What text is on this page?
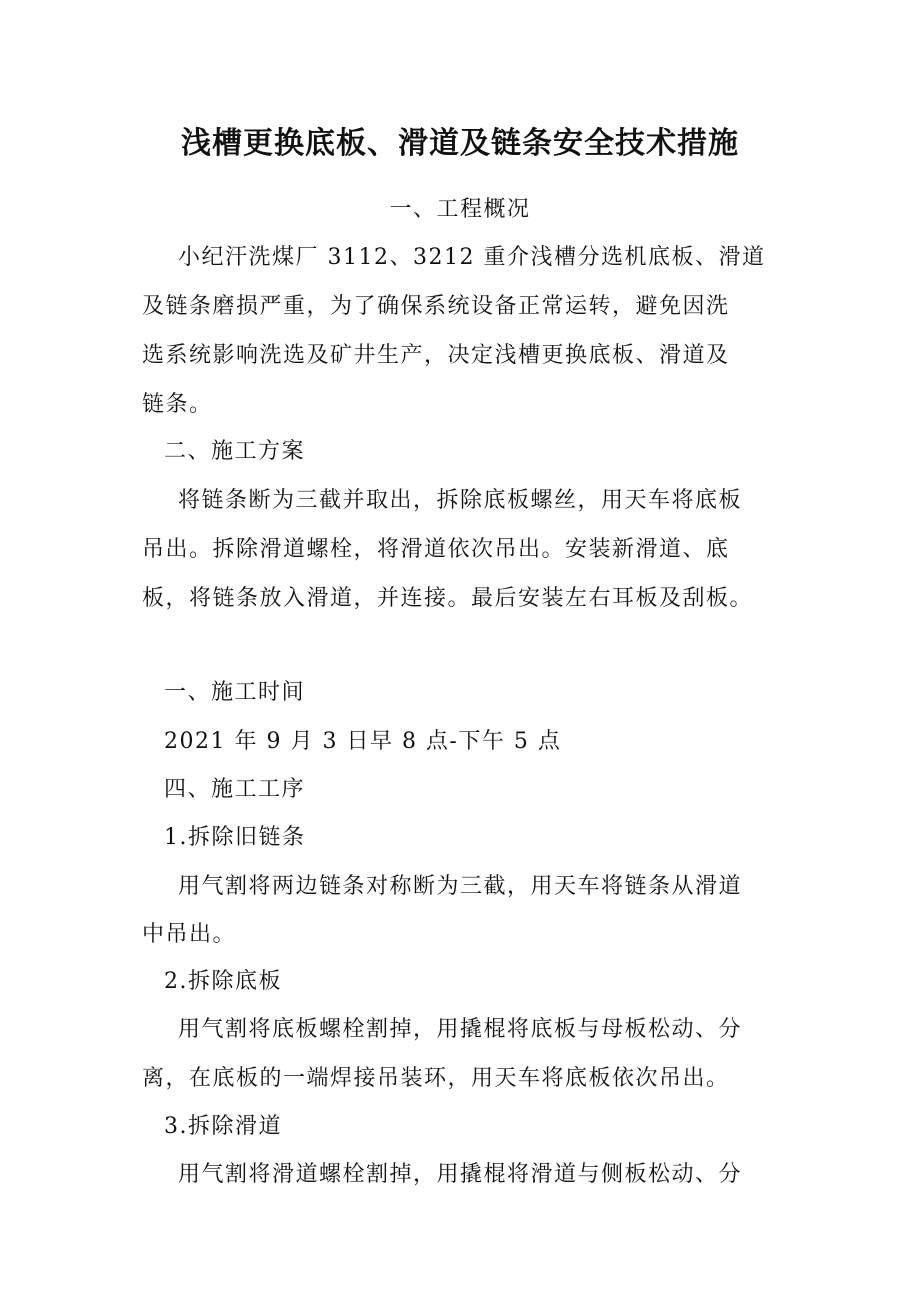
浅槽更换底板、滑道及链条安全技术措施
一、工程概况
小纪汗洗煤厂 3112、3212 重介浅槽分选机底板、滑道
及链条磨损严重，为了确保系统设备正常运转，避免因洗
选系统影响洗选及矿井生产，决定浅槽更换底板、滑道及
链条。
二、施工方案
将链条断为三截并取出，拆除底板螺丝，用天车将底板
吊出。拆除滑道螺栓，将滑道依次吊出。安装新滑道、底
板，将链条放入滑道，并连接。最后安装左右耳板及刮板。
一、施工时间
2021 年 9 月 3 日早 8 点-下午 5 点
四、施工工序
1.拆除旧链条
用气割将两边链条对称断为三截，用天车将链条从滑道
中吊出。
2.拆除底板
用气割将底板螺栓割掉，用撬棍将底板与母板松动、分
离，在底板的一端焊接吊装环，用天车将底板依次吊出。
3.拆除滑道
用气割将滑道螺栓割掉，用撬棍将滑道与侧板松动、分
